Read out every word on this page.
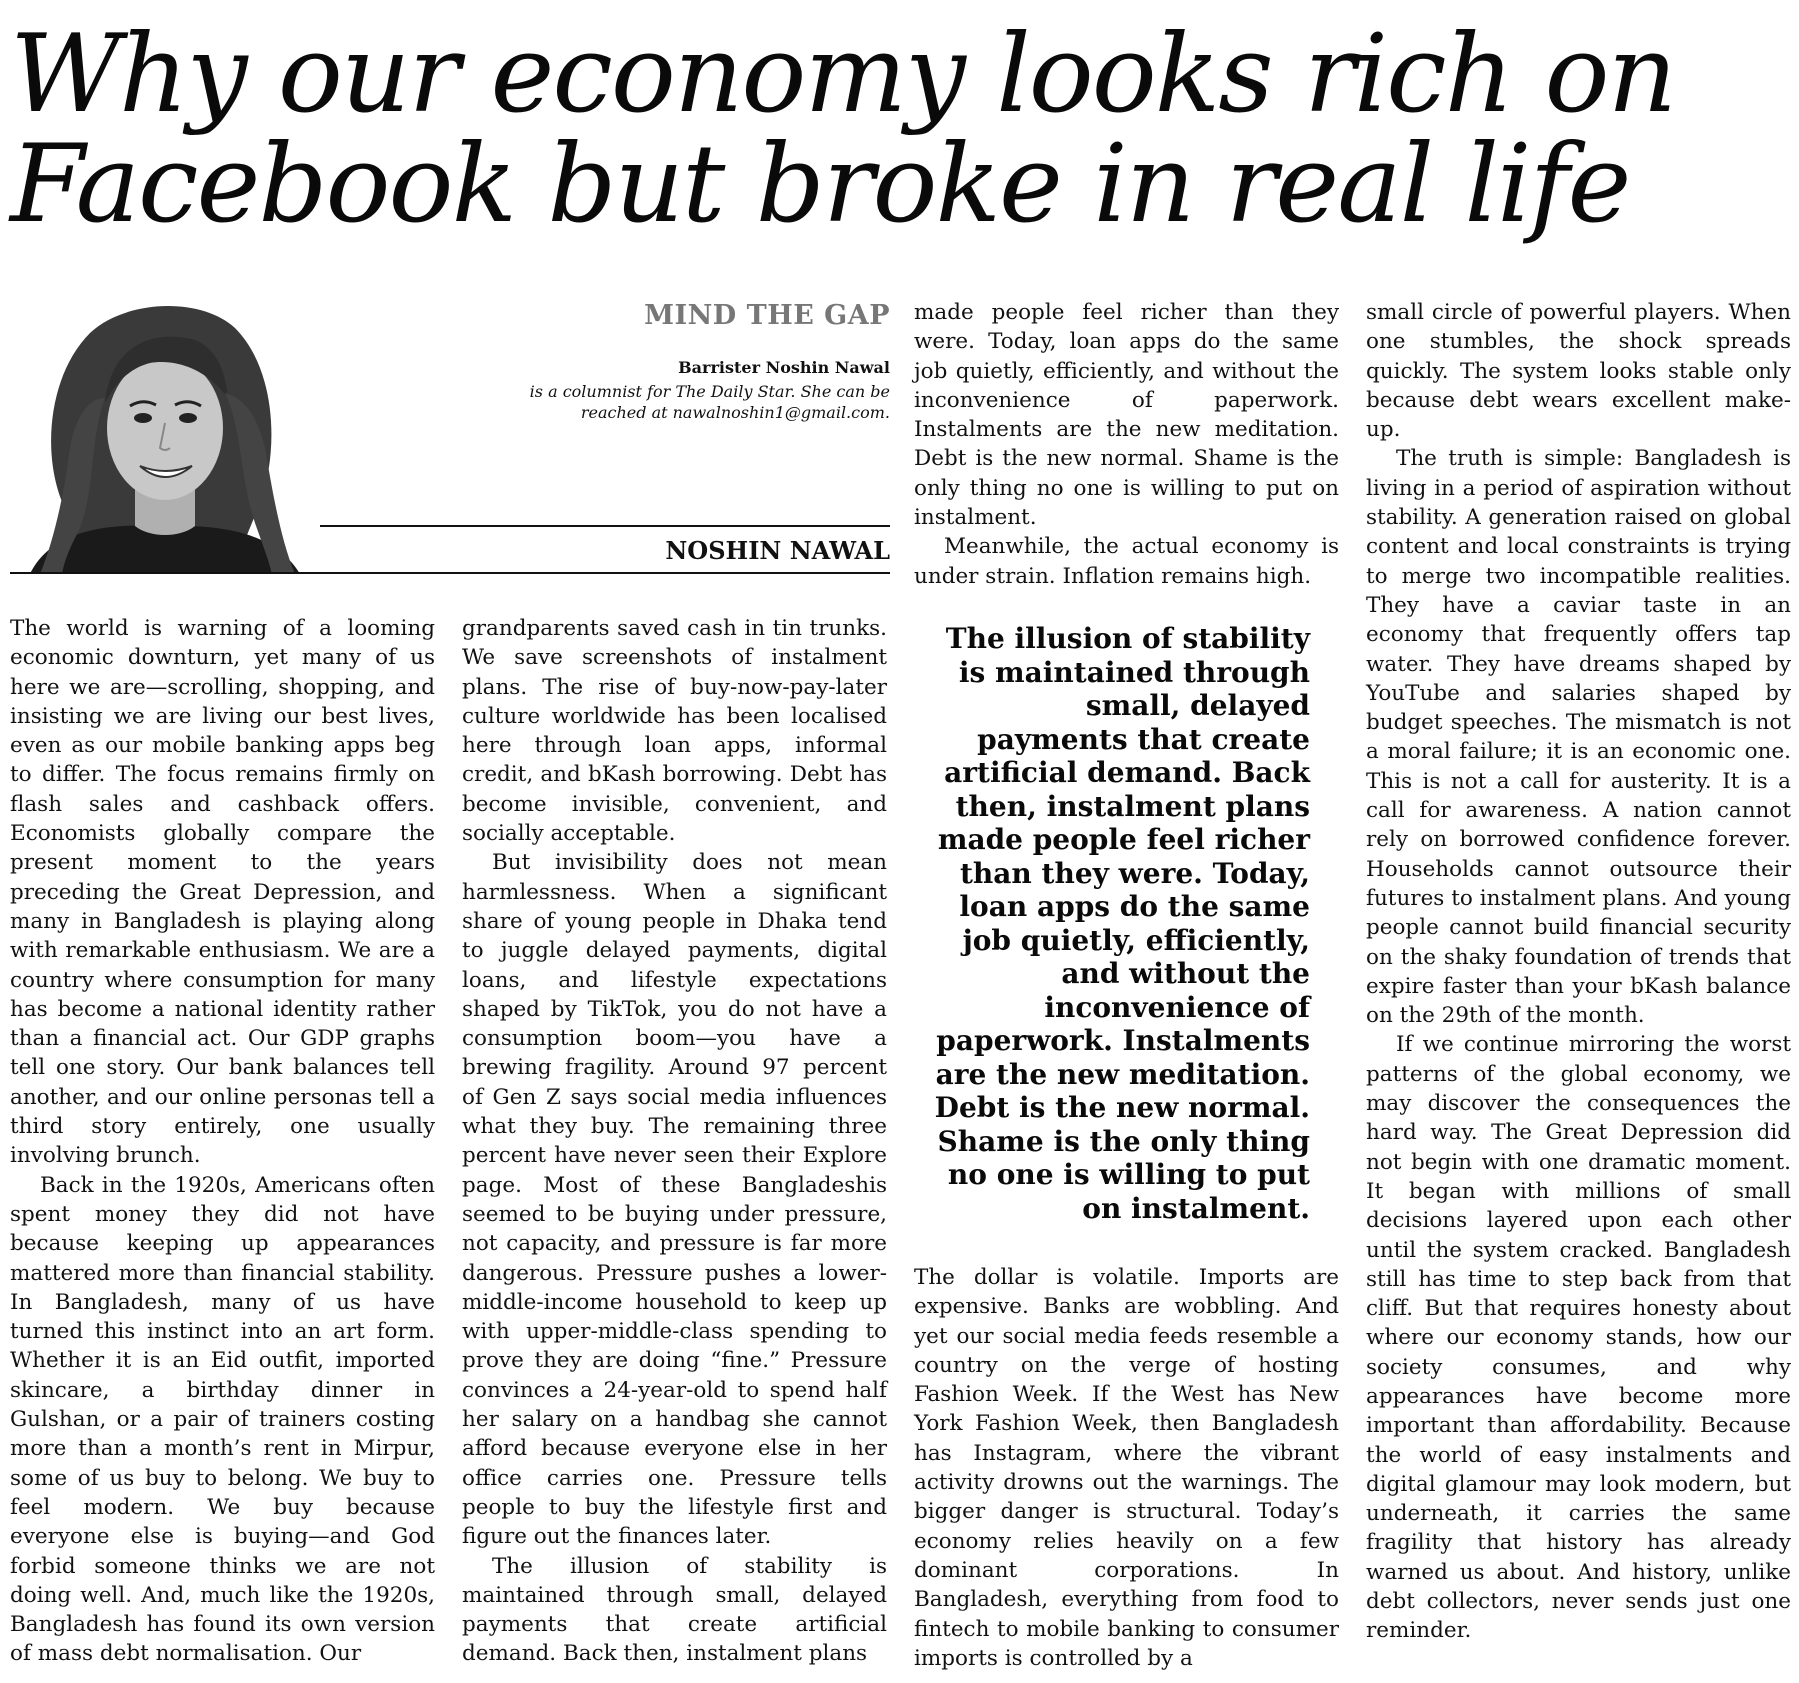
Why our economy looks rich on
Facebook but broke in real life
MIND THE GAP
Barrister Noshin Nawal
is a columnist for The Daily Star. She can be reached at nawalnoshin1@gmail.com.
NOSHIN NAWAL

The world is warning of a looming economic downturn, yet many of us here we are—scrolling, shopping, and insisting we are living our best lives, even as our mobile banking apps beg to differ. The focus remains firmly on flash sales and cashback offers. Economists globally compare the present moment to the years preceding the Great Depression, and many in Bangladesh is playing along with remarkable enthusiasm. We are a country where consumption for many has become a national identity rather than a financial act. Our GDP graphs tell one story. Our bank balances tell another, and our online personas tell a third story entirely, one usually involving brunch.

Back in the 1920s, Americans often spent money they did not have because keeping up appearances mattered more than financial stability. In Bangladesh, many of us have turned this instinct into an art form. Whether it is an Eid outfit, imported skincare, a birthday dinner in Gulshan, or a pair of trainers costing more than a month’s rent in Mirpur, some of us buy to belong. We buy to feel modern. We buy because everyone else is buying—and God forbid someone thinks we are not doing well. And, much like the 1920s, Bangladesh has found its own version of mass debt normalisation. Our

grandparents saved cash in tin trunks. We save screenshots of instalment plans. The rise of buy-now-pay-later culture worldwide has been localised here through loan apps, informal credit, and bKash borrowing. Debt has become invisible, convenient, and socially acceptable.

But invisibility does not mean harmlessness. When a significant share of young people in Dhaka tend to juggle delayed payments, digital loans, and lifestyle expectations shaped by TikTok, you do not have a consumption boom—you have a brewing fragility. Around 97 percent of Gen Z says social media influences what they buy. The remaining three percent have never seen their Explore page. Most of these Bangladeshis seemed to be buying under pressure, not capacity, and pressure is far more dangerous. Pressure pushes a lower-middle-income household to keep up with upper-middle-class spending to prove they are doing “fine.” Pressure convinces a 24-year-old to spend half her salary on a handbag she cannot afford because everyone else in her office carries one. Pressure tells people to buy the lifestyle first and figure out the finances later.

The illusion of stability is maintained through small, delayed payments that create artificial demand. Back then, instalment plans

made people feel richer than they were. Today, loan apps do the same job quietly, efficiently, and without the inconvenience of paperwork. Instalments are the new meditation. Debt is the new normal. Shame is the only thing no one is willing to put on instalment.

Meanwhile, the actual economy is under strain. Inflation remains high.

The illusion of stability is maintained through small, delayed payments that create artificial demand. Back then, instalment plans made people feel richer than they were. Today, loan apps do the same job quietly, efficiently, and without the inconvenience of paperwork. Instalments are the new meditation. Debt is the new normal. Shame is the only thing no one is willing to put on instalment.

The dollar is volatile. Imports are expensive. Banks are wobbling. And yet our social media feeds resemble a country on the verge of hosting Fashion Week. If the West has New York Fashion Week, then Bangladesh has Instagram, where the vibrant activity drowns out the warnings. The bigger danger is structural. Today’s economy relies heavily on a few dominant corporations. In Bangladesh, everything from food to fintech to mobile banking to consumer imports is controlled by a

small circle of powerful players. When one stumbles, the shock spreads quickly. The system looks stable only because debt wears excellent make-up.

The truth is simple: Bangladesh is living in a period of aspiration without stability. A generation raised on global content and local constraints is trying to merge two incompatible realities. They have a caviar taste in an economy that frequently offers tap water. They have dreams shaped by YouTube and salaries shaped by budget speeches. The mismatch is not a moral failure; it is an economic one. This is not a call for austerity. It is a call for awareness. A nation cannot rely on borrowed confidence forever. Households cannot outsource their futures to instalment plans. And young people cannot build financial security on the shaky foundation of trends that expire faster than your bKash balance on the 29th of the month.

If we continue mirroring the worst patterns of the global economy, we may discover the consequences the hard way. The Great Depression did not begin with one dramatic moment. It began with millions of small decisions layered upon each other until the system cracked. Bangladesh still has time to step back from that cliff. But that requires honesty about where our economy stands, how our society consumes, and why appearances have become more important than affordability. Because the world of easy instalments and digital glamour may look modern, but underneath, it carries the same fragility that history has already warned us about. And history, unlike debt collectors, never sends just one reminder.
